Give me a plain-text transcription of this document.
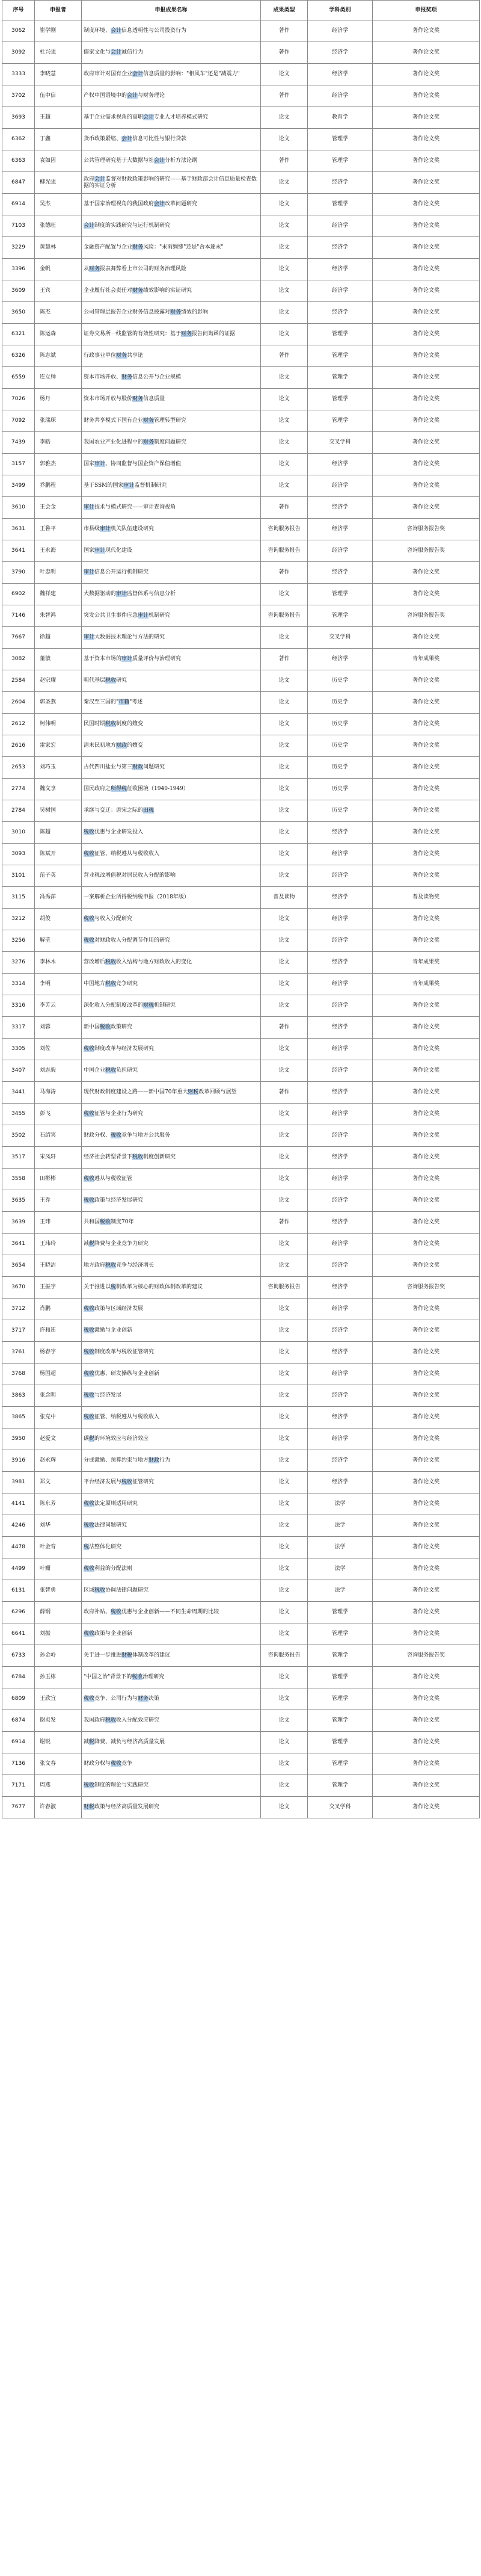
序号	申报者	申报成果名称	成果类型	学科类别	申报奖项
3062	崔学刚	制度环境、会计信息透明性与公司投资行为	著作	经济学	著作论文奖
3092	杜兴强	儒家文化与会计诚信行为	著作	经济学	著作论文奖
3333	李晓慧	政府审计对国有企业会计信息质量的影响："相风车"还是"减震力"	论文	经济学	著作论文奖
3702	伍中信	产权中国语境中的会计与财务理论	著作	经济学	著作论文奖
3693	王超	基于企业需求视角的高职会计专业人才培养模式研究	论文	教育学	著作论文奖
6362	丁鑫	货币政策紧缩、会计信息可比性与银行贷款	论文	管理学	著作论文奖
6363	袁如因	公共管理研究基于大数据与社会计分析方法论纲	著作	管理学	著作论文奖
6847	柳光强	政府会计监督对财政政策影响的研究——基于财政部会计信息质量检查数据的实证分析	论文	经济学	著作论文奖
6914	吴杰	基于国家治理视角的我国政府会计改革问题研究	论文	管理学	著作论文奖
7103	张德旺	会计制度的实践研究与运行机制研究	论文	经济学	著作论文奖
3229	黄慧林	金融资产配置与企业财务风险："未雨绸缪"还是"舍本逐末"	论文	经济学	著作论文奖
3396	金帆	从财务报表舞弊看上市公司的财务治理风险	论文	经济学	著作论文奖
3609	王宾	企业履行社会责任对财务绩效影响的实证研究	论文	经济学	著作论文奖
3650	陈杰	公司管理层报告企业财务信息披露对财务绩效的影响	论文	经济学	著作论文奖
6321	陈运森	证券交易所一线监管的有效性研究：基于财务报告问询函的证据	论文	管理学	著作论文奖
6326	陈志斌	行政事业单位财务共享论	著作	管理学	著作论文奖
6559	连立帅	资本市场开放、财务信息公开与企业规模	论文	管理学	著作论文奖
7026	杨丹	资本市场开放与股价财务信息质量	论文	管理学	著作论文奖
7092	张瑞琛	财务共享模式下国有企业财务管理转型研究	论文	管理学	著作论文奖
7439	李皓	我国农业产业化进程中的财务制度问题研究	论文	交叉学科	著作论文奖
3157	郭雅杰	国家审计、协同监督与国企资产保值增值	论文	经济学	著作论文奖
3499	乔鹏程	基于SSM的国家审计监督机制研究	论文	经济学	著作论文奖
3610	王会金	审计技术与模式研究——审计查询视角	著作	经济学	著作论文奖
3631	王鲁平	市县级审计机关队伍建设研究	咨询服务报告	经济学	咨询服务报告奖
3641	王永海	国家审计现代化建设	咨询服务报告	经济学	咨询服务报告奖
3790	叶忠明	审计信息公开运行机制研究	著作	经济学	著作论文奖
6902	魏祥建	大数据驱动的审计监督体系与信息分析	论文	管理学	著作论文奖
7146	朱智鸿	突发公共卫生事件应急审计机制研究	咨询服务报告	管理学	咨询服务报告奖
7667	徐超	审计大数据技术理论与方法的研究	论文	交叉学科	著作论文奖
3082	董敏	基于资本市场的审计质量评价与治理研究	著作	经济学	青年成果奖
2584	赵宗耀	明代基层税收研究	论文	历史学	著作论文奖
2604	郭圣燕	秦汉至三国的"市籍"考述	论文	历史学	著作论文奖
2612	柯伟明	民国时期税收制度的嬗变	论文	历史学	著作论文奖
2616	雷家宏	清末民初地方财政的嬗变	论文	历史学	著作论文奖
2653	刘巧玉	古代四川盐业与第三财政问题研究	论文	历史学	著作论文奖
2774	魏文享	国民政府之所得税征收困境（1940-1949）	论文	历史学	著作论文奖
2784	吴树国	承继与变迁：唐宋之际的田税	论文	历史学	著作论文奖
3010	陈超	税收优惠与企业研发投入	论文	经济学	著作论文奖
3093	陈斌开	税收征管、纳税遵从与税收收入	论文	经济学	著作论文奖
3101	范子英	营业税改增值税对居民收入分配的影响	论文	经济学	著作论文奖
3115	冯秀萍	一案解析企业所得税纳税申报（2018年版）	普及读物	经济学	普及读物奖
3212	胡俊	税收与收入分配研究	论文	经济学	著作论文奖
3256	解莹	税收对财政收入分配调节作用的研究	论文	经济学	著作论文奖
3276	李林木	营改增后税收收入结构与地方财政收入的变化	论文	经济学	青年成果奖
3314	李明	中国地方税收竞争研究	论文	经济学	青年成果奖
3316	李芳云	深化收入分配制度改革的财税机制研究	论文	经济学	著作论文奖
3317	刘蓉	新中国税收政策研究	著作	经济学	著作论文奖
3305	刘佐	税收制度改革与经济发展研究	论文	经济学	著作论文奖
3407	刘志毅	中国企业税收负担研究	论文	经济学	著作论文奖
3441	马海涛	现代财政制度建设之路——新中国70年重大财税改革回顾与展望	著作	经济学	著作论文奖
3455	彭飞	税收征管与企业行为研究	论文	经济学	著作论文奖
3502	石绍宾	财政分权、税收竞争与地方公共服务	论文	经济学	著作论文奖
3517	宋凤轩	经济社会转型背景下税收制度创新研究	论文	经济学	著作论文奖
3558	田彬彬	税收遵从与税收征管	论文	经济学	著作论文奖
3635	王乔	税收政策与经济发展研究	论文	经济学	著作论文奖
3639	王玮	共和国税收制度70年	著作	经济学	著作论文奖
3641	王玮玲	减税降费与企业竞争力研究	论文	经济学	著作论文奖
3654	王晓洁	地方政府税收竞争与经济增长	论文	经济学	著作论文奖
3670	王振宇	关于推进以税制改革为核心的财政体制改革的建议	咨询服务报告	经济学	咨询服务报告奖
3712	肖鹏	税收政策与区域经济发展	论文	经济学	著作论文奖
3717	许和连	税收激励与企业创新	论文	经济学	著作论文奖
3761	杨春宇	税收制度改革与税收征管研究	论文	经济学	著作论文奖
3768	杨国超	税收优惠、研发操纵与企业创新	论文	经济学	著作论文奖
3863	张念明	税收与经济发展	论文	经济学	著作论文奖
3865	张克中	税收征管、纳税遵从与税收收入	论文	经济学	著作论文奖
3950	赵爱文	碳税的环境效应与经济效应	论文	经济学	著作论文奖
3916	赵永辉	分成激励、预算约束与地方财政行为	论文	经济学	著作论文奖
3981	郑文	平台经济发展与税收征管研究	论文	经济学	著作论文奖
4141	陈东芳	税收法定原则适用研究	论文	法学	著作论文奖
4246	刘华	税收法律问题研究	论文	法学	著作论文奖
4478	叶金育	税法整体化研究	论文	法学	著作论文奖
4499	叶姗	税收利益的分配法则	论文	法学	著作论文奖
6131	张智勇	区域税收协调法律问题研究	论文	法学	著作论文奖
6296	薛钢	政府补贴、税收优惠与企业创新——不同生命周期的比较	论文	管理学	著作论文奖
6641	刘振	税收政策与企业创新	论文	管理学	著作论文奖
6733	孙金岭	关于进一步推进财税体制改革的建议	咨询服务报告	管理学	咨询服务报告奖
6784	孙玉栋	"中国之治"背景下的税收治理研究	论文	管理学	著作论文奖
6809	王欣宜	税收竞争、公司行为与财务决策	论文	管理学	著作论文奖
6874	谢贞发	我国政府税收收入分配效应研究	论文	管理学	著作论文奖
6914	谢锐	减税降费、减负与经济高质量发展	论文	管理学	著作论文奖
7136	张文春	财政分权与税收竞争	论文	管理学	著作论文奖
7171	周燕	税收制度的理论与实践研究	论文	管理学	著作论文奖
7677	许春淑	财税政策与经济高质量发展研究	论文	交叉学科	著作论文奖
